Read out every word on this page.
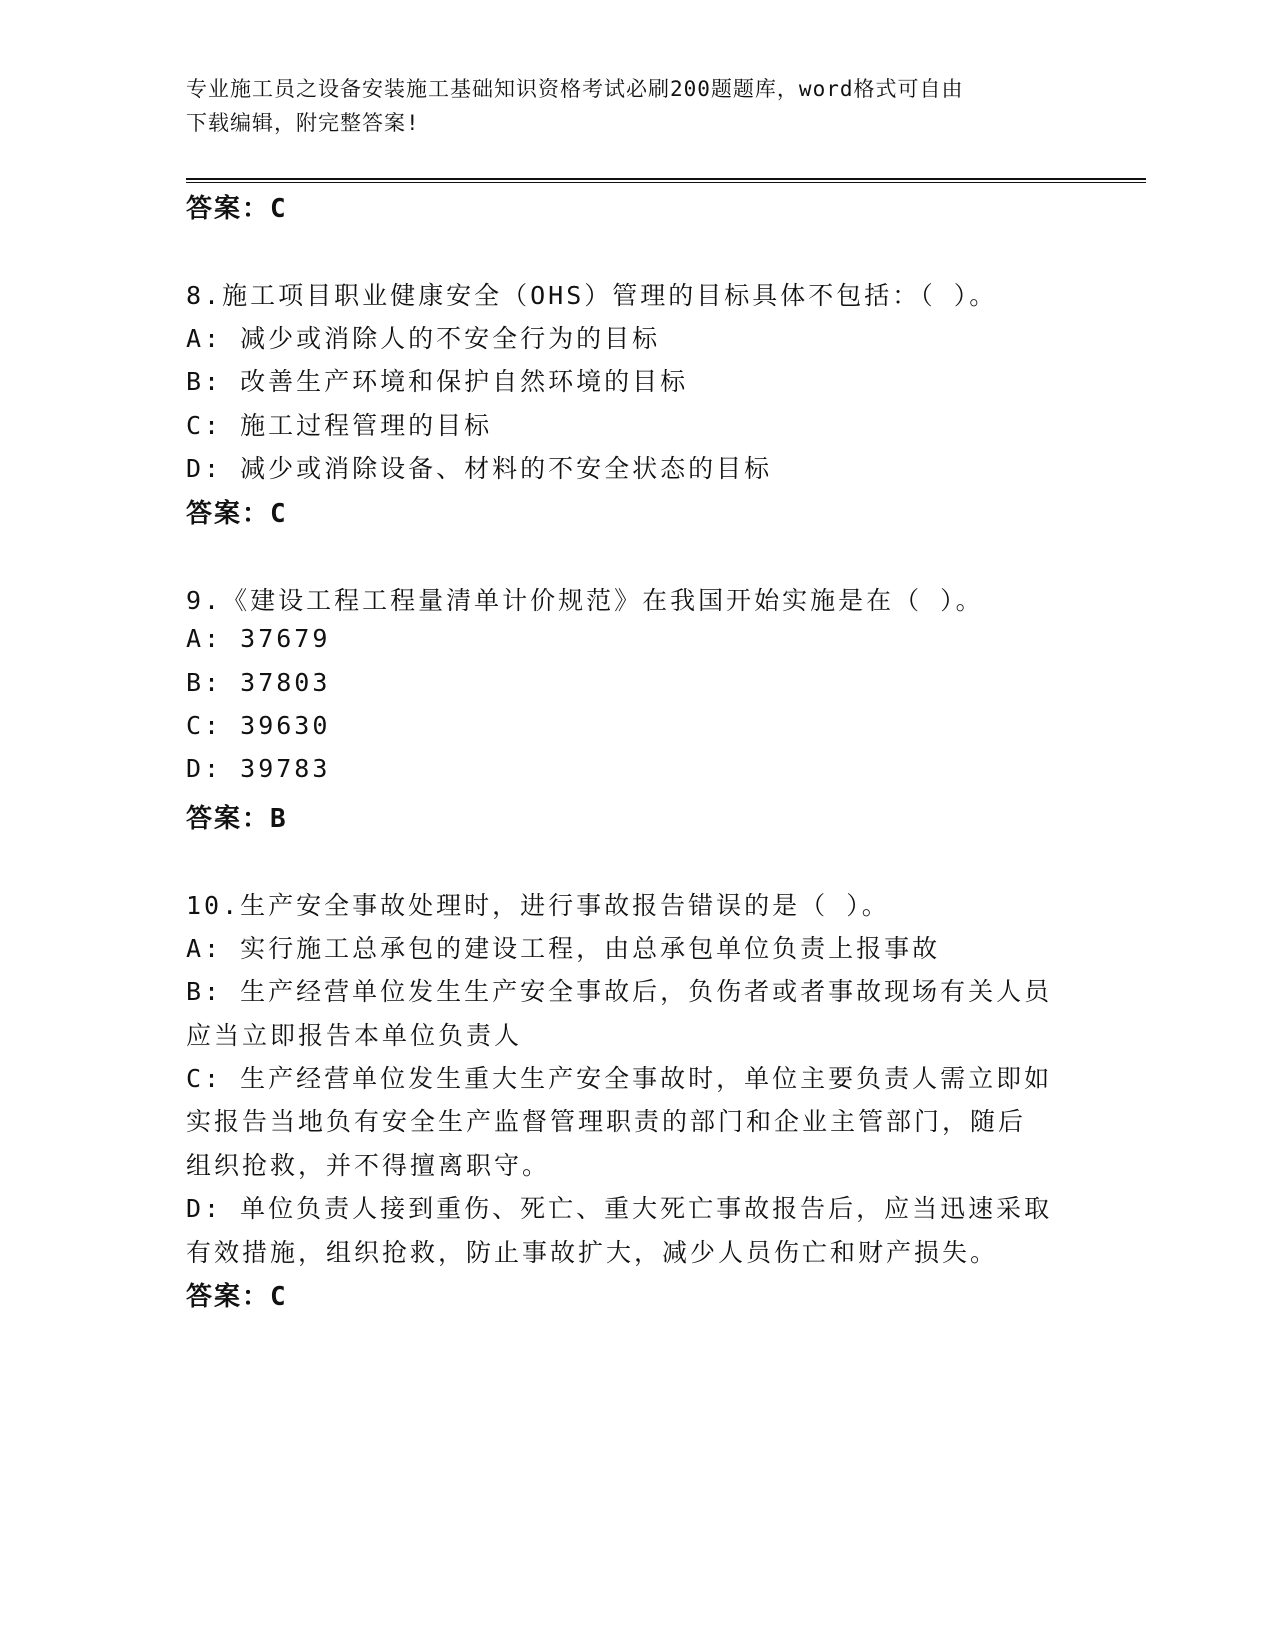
专业施工员之设备安装施工基础知识资格考试必刷200题题库，word格式可自由
下载编辑，附完整答案!
答案：C
8.施工项目职业健康安全（OHS）管理的目标具体不包括：（ ）。
A: 减少或消除人的不安全行为的目标
B: 改善生产环境和保护自然环境的目标
C: 施工过程管理的目标
D: 减少或消除设备、材料的不安全状态的目标
答案：C
9.《建设工程工程量清单计价规范》在我国开始实施是在（ ）。
A: 37679
B: 37803
C: 39630
D: 39783
答案：B
10.生产安全事故处理时，进行事故报告错误的是（ ）。
A: 实行施工总承包的建设工程，由总承包单位负责上报事故
B: 生产经营单位发生生产安全事故后，负伤者或者事故现场有关人员
应当立即报告本单位负责人
C: 生产经营单位发生重大生产安全事故时，单位主要负责人需立即如
实报告当地负有安全生产监督管理职责的部门和企业主管部门，随后
组织抢救，并不得擅离职守。
D: 单位负责人接到重伤、死亡、重大死亡事故报告后，应当迅速采取
有效措施，组织抢救，防止事故扩大，减少人员伤亡和财产损失。
答案：C
